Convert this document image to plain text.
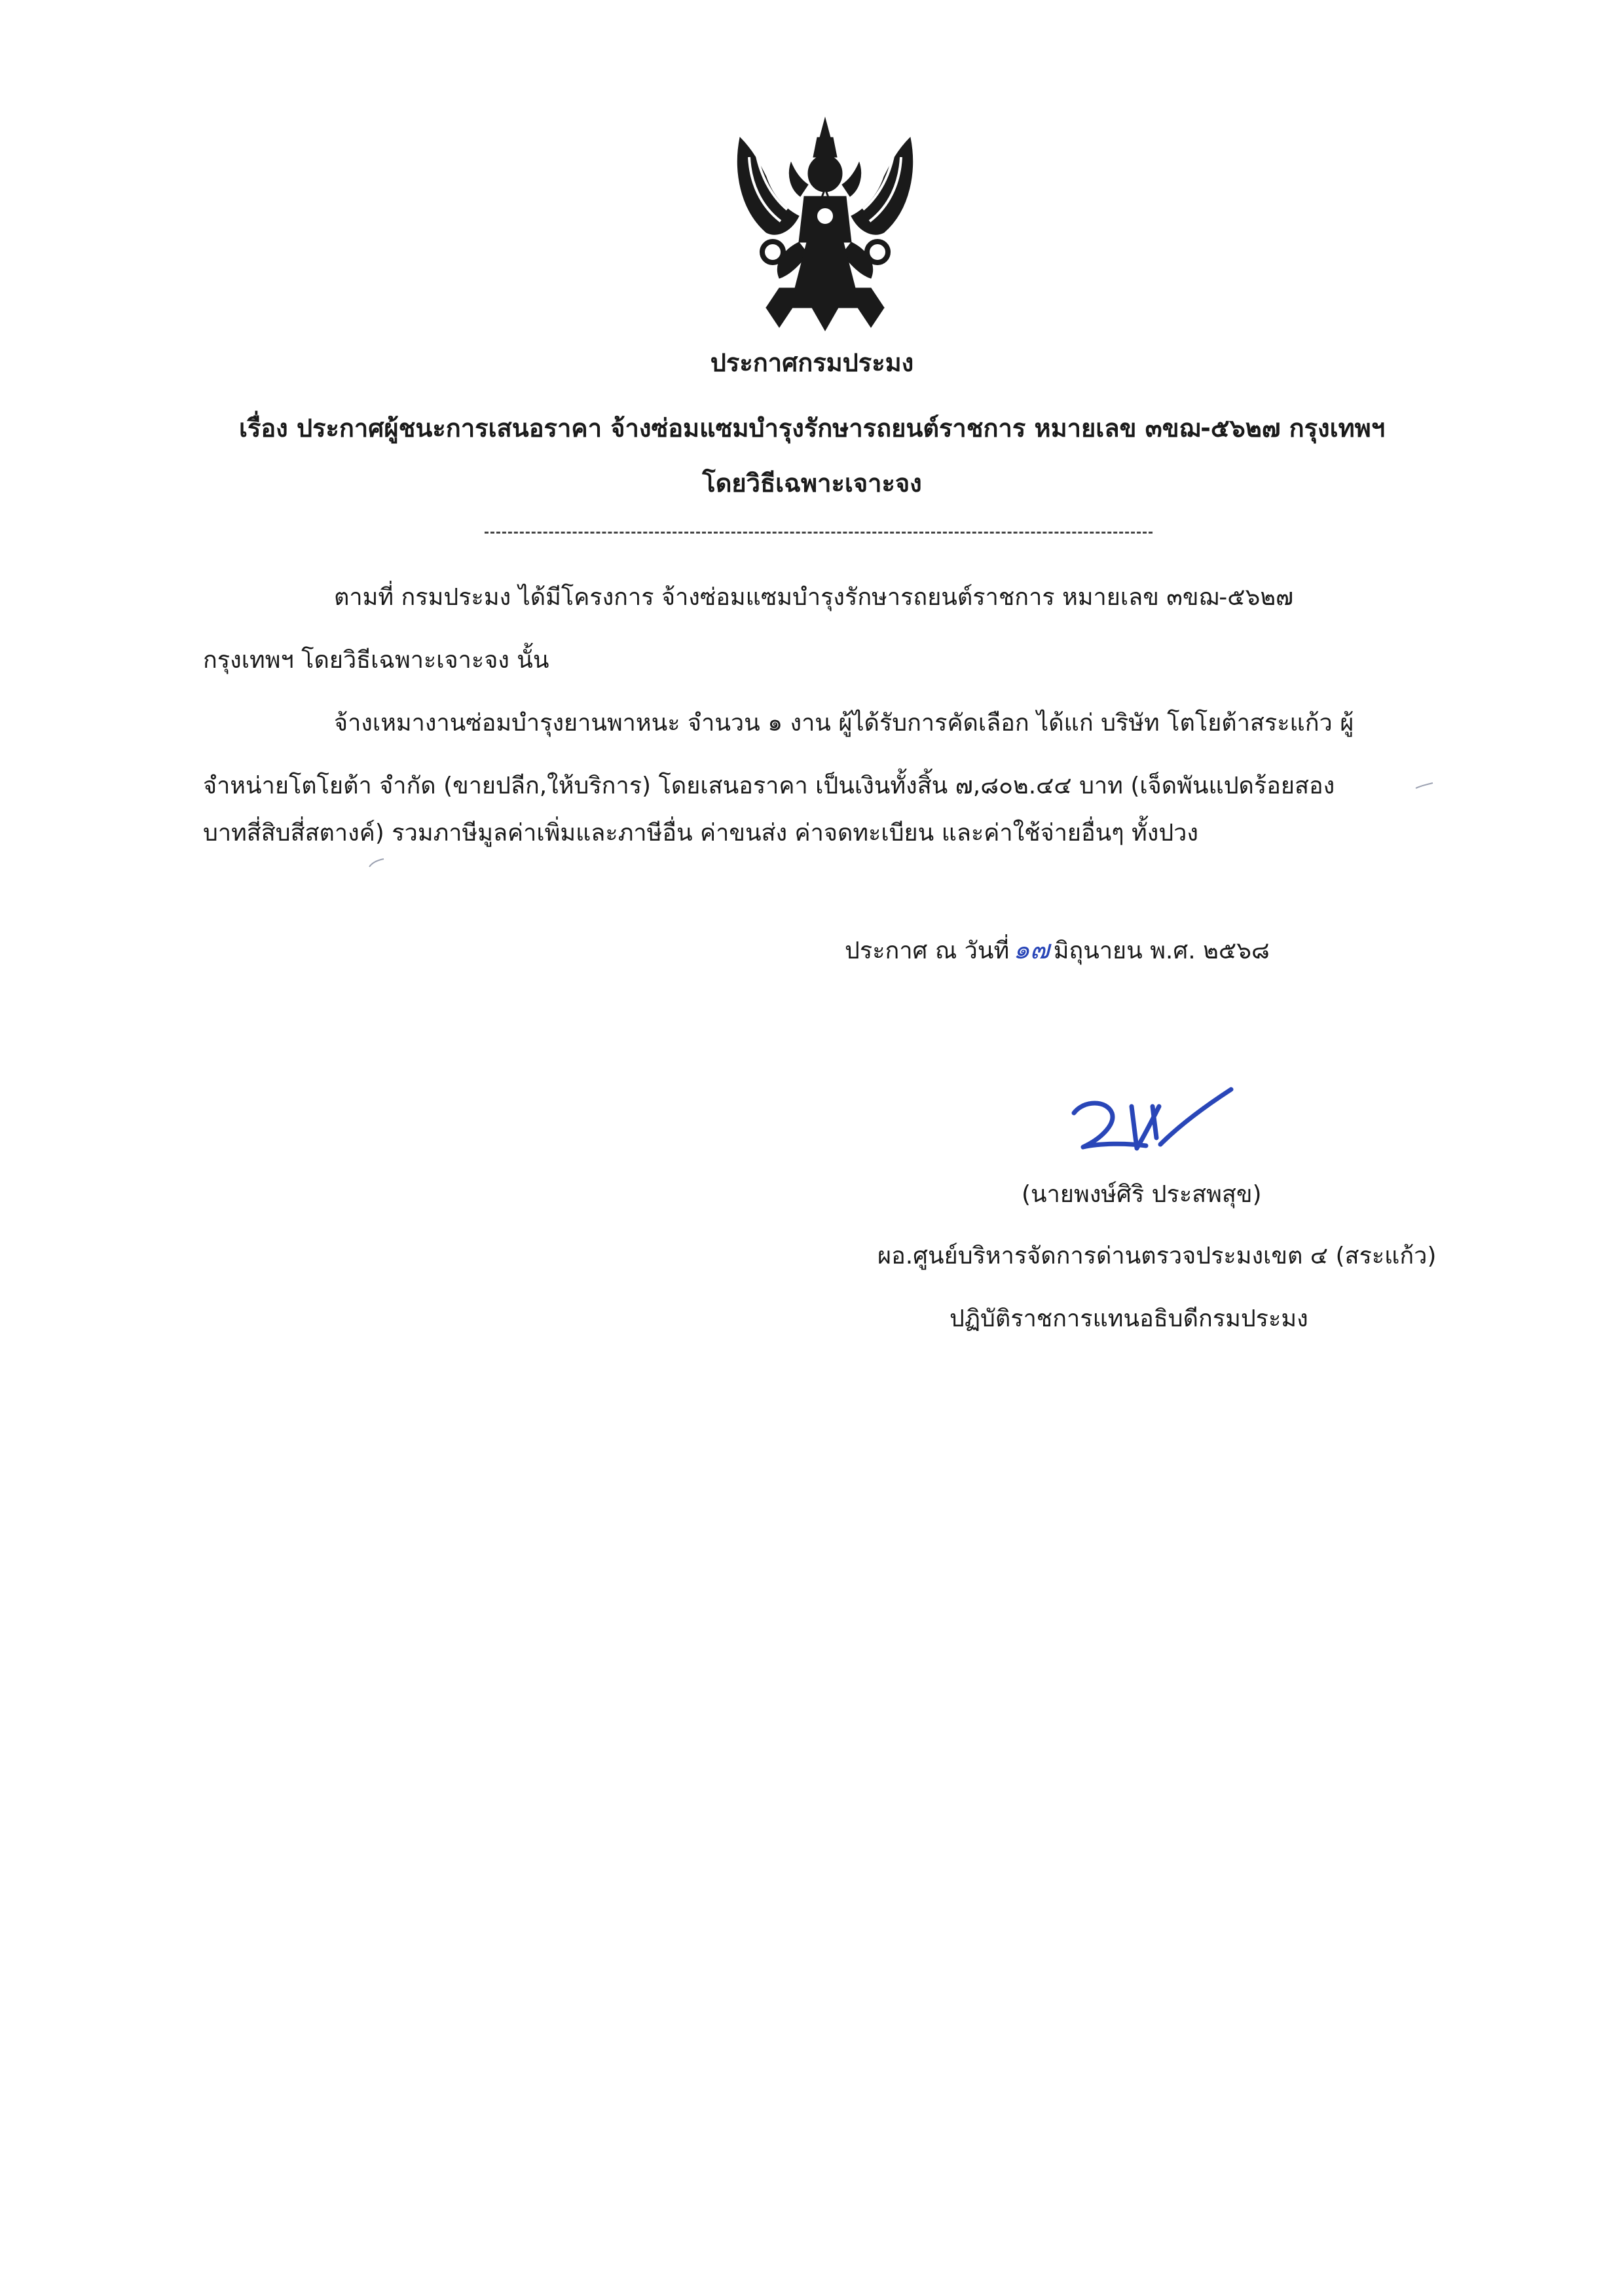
ประกาศกรมประมง
เรื่อง ประกาศผู้ชนะการเสนอราคา จ้างซ่อมแซมบำรุงรักษารถยนต์ราชการ หมายเลข ๓ขฌ-๕๖๒๗ กรุงเทพฯ
โดยวิธีเฉพาะเจาะจง
ตามที่ กรมประมง ได้มีโครงการ จ้างซ่อมแซมบำรุงรักษารถยนต์ราชการ หมายเลข ๓ขฌ-๕๖๒๗
กรุงเทพฯ โดยวิธีเฉพาะเจาะจง นั้น
จ้างเหมางานซ่อมบำรุงยานพาหนะ จำนวน ๑ งาน ผู้ได้รับการคัดเลือก ได้แก่ บริษัท โตโยต้าสระแก้ว ผู้
จำหน่ายโตโยต้า จำกัด (ขายปลีก,ให้บริการ) โดยเสนอราคา เป็นเงินทั้งสิ้น ๗,๘๐๒.๔๔ บาท (เจ็ดพันแปดร้อยสอง
บาทสี่สิบสี่สตางค์) รวมภาษีมูลค่าเพิ่มและภาษีอื่น ค่าขนส่ง ค่าจดทะเบียน และค่าใช้จ่ายอื่นๆ ทั้งปวง
ประกาศ ณ วันที่ ๑๗ มิถุนายน พ.ศ. ๒๕๖๘
(นายพงษ์ศิริ ประสพสุข)
ผอ.ศูนย์บริหารจัดการด่านตรวจประมงเขต ๔ (สระแก้ว)
ปฏิบัติราชการแทนอธิบดีกรมประมง
